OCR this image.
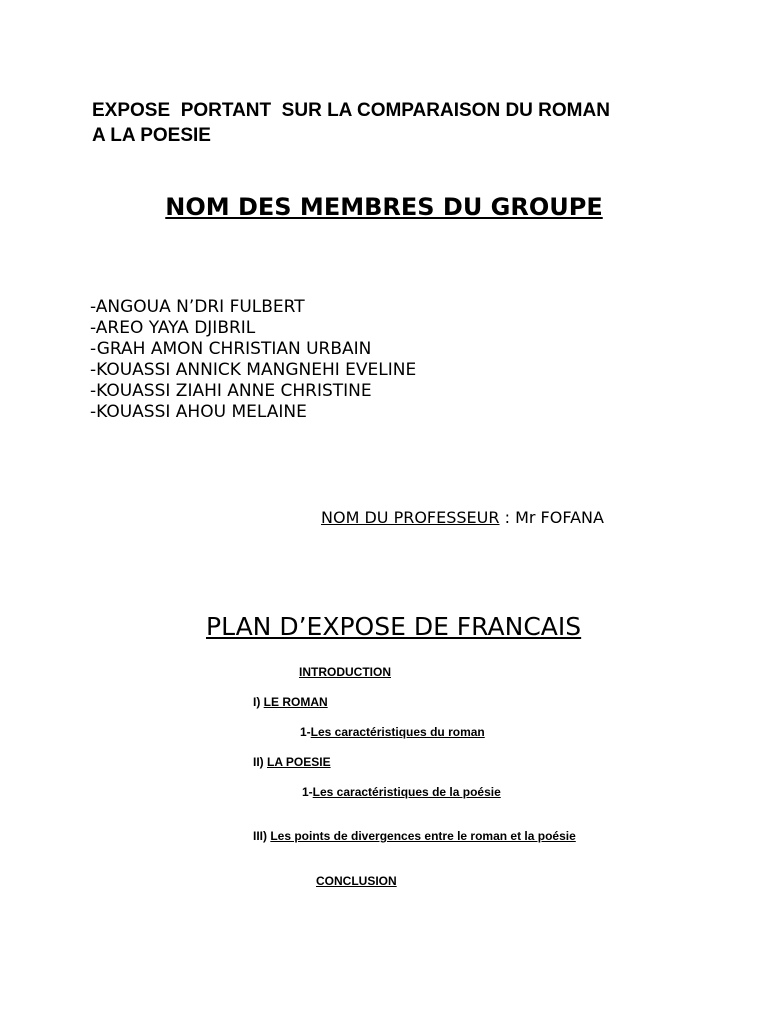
EXPOSE  PORTANT  SUR LA COMPARAISON DU ROMAN
A LA POESIE
NOM DES MEMBRES DU GROUPE
-ANGOUA N’DRI FULBERT
-AREO YAYA DJIBRIL
-GRAH AMON CHRISTIAN URBAIN
-KOUASSI ANNICK MANGNEHI EVELINE
-KOUASSI ZIAHI ANNE CHRISTINE
-KOUASSI AHOU MELAINE
NOM DU PROFESSEUR : Mr FOFANA
PLAN D’EXPOSE DE FRANCAIS
INTRODUCTION
I) LE ROMAN
1-Les caractéristiques du roman
II) LA POESIE
1-Les caractéristiques de la poésie
III) Les points de divergences entre le roman et la poésie
CONCLUSION
